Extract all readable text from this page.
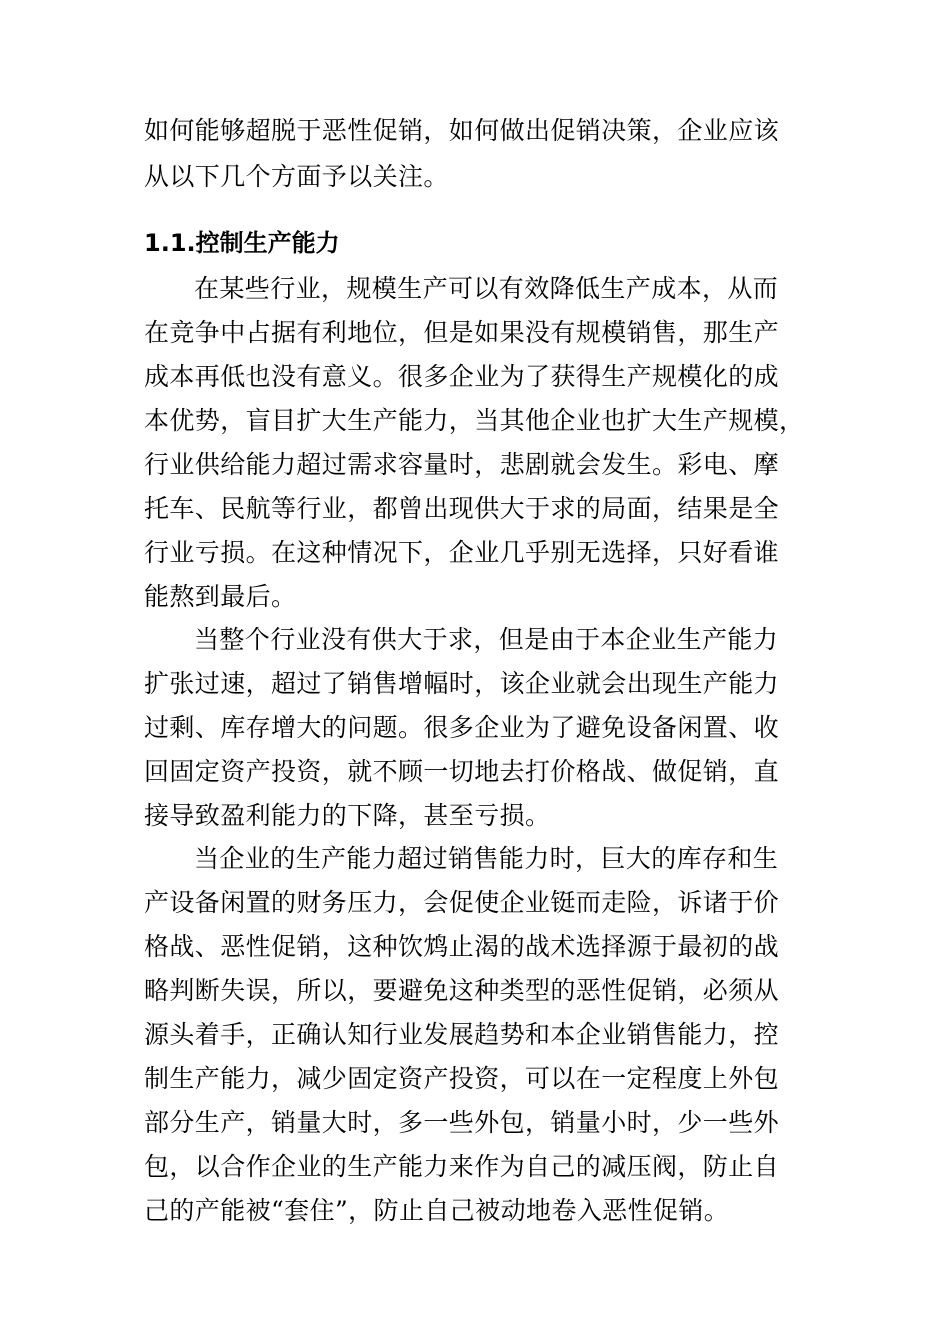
如何能够超脱于恶性促销，如何做出促销决策，企业应该
从以下几个方面予以关注。
1.1.控制生产能力
在某些行业，规模生产可以有效降低生产成本，从而
在竞争中占据有利地位，但是如果没有规模销售，那生产
成本再低也没有意义。很多企业为了获得生产规模化的成
本优势，盲目扩大生产能力，当其他企业也扩大生产规模，
行业供给能力超过需求容量时，悲剧就会发生。彩电、摩
托车、民航等行业，都曾出现供大于求的局面，结果是全
行业亏损。在这种情况下，企业几乎别无选择，只好看谁
能熬到最后。
当整个行业没有供大于求，但是由于本企业生产能力
扩张过速，超过了销售增幅时，该企业就会出现生产能力
过剩、库存增大的问题。很多企业为了避免设备闲置、收
回固定资产投资，就不顾一切地去打价格战、做促销，直
接导致盈利能力的下降，甚至亏损。
当企业的生产能力超过销售能力时，巨大的库存和生
产设备闲置的财务压力，会促使企业铤而走险，诉诸于价
格战、恶性促销，这种饮鸩止渴的战术选择源于最初的战
略判断失误，所以，要避免这种类型的恶性促销，必须从
源头着手，正确认知行业发展趋势和本企业销售能力，控
制生产能力，减少固定资产投资，可以在一定程度上外包
部分生产，销量大时，多一些外包，销量小时，少一些外
包，以合作企业的生产能力来作为自己的减压阀，防止自
己的产能被“套住”，防止自己被动地卷入恶性促销。
